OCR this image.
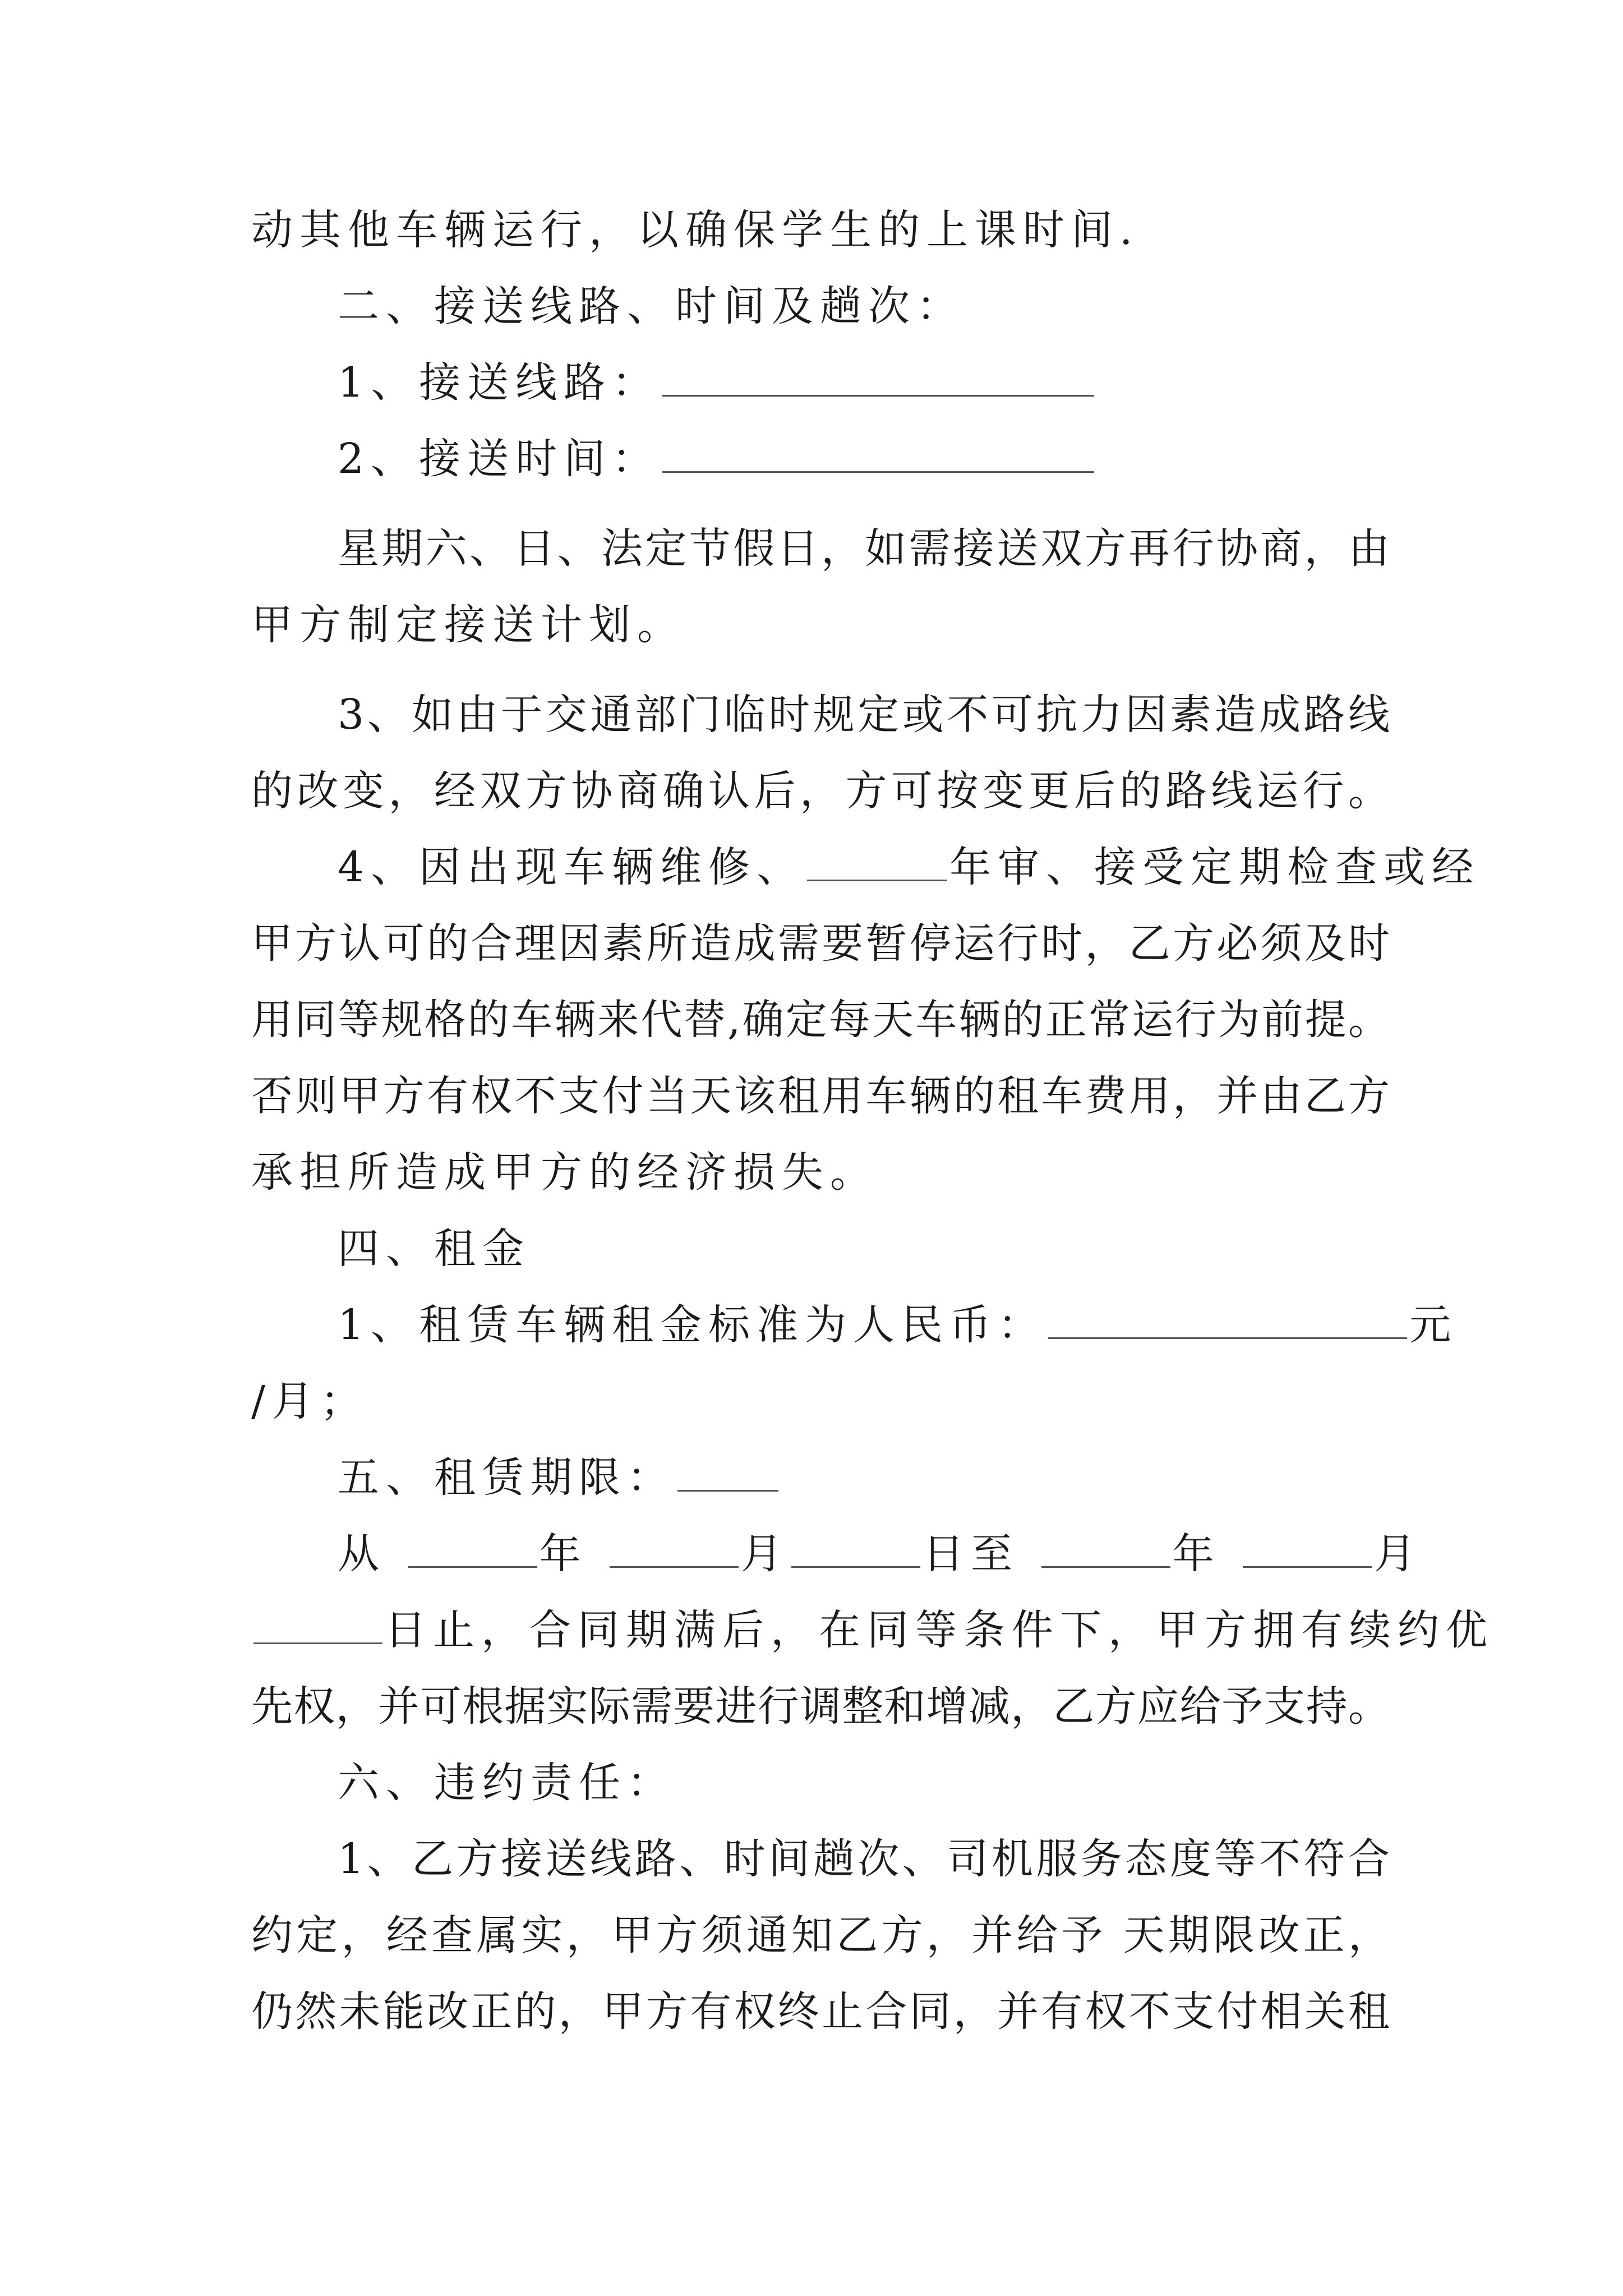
动其他车辆运行，以确保学生的上课时间.
二、接送线路、时间及趟次：
1、接送线路：
2、接送时间：
星期六、日、法定节假日，如需接送双方再行协商，由
甲方制定接送计划。
3、如由于交通部门临时规定或不可抗力因素造成路线
的改变，经双方协商确认后，方可按变更后的路线运行。
4、因出现车辆维修、	年审、接受定期检查或经
甲方认可的合理因素所造成需要暂停运行时，乙方必须及时
用同等规格的车辆来代替,确定每天车辆的正常运行为前提。
否则甲方有权不支付当天该租用车辆的租车费用，并由乙方
承担所造成甲方的经济损失。
四、租金
1、租赁车辆租金标准为人民币：	元
/月；
五、租赁期限：
从	年	月	日至	年	月
日止，合同期满后，在同等条件下，甲方拥有续约优
先权，并可根据实际需要进行调整和增减，乙方应给予支持。
六、违约责任：
1、乙方接送线路、时间趟次、司机服务态度等不符合
约定，经查属实，甲方须通知乙方，并给予 天期限改正，
仍然未能改正的，甲方有权终止合同，并有权不支付相关租
